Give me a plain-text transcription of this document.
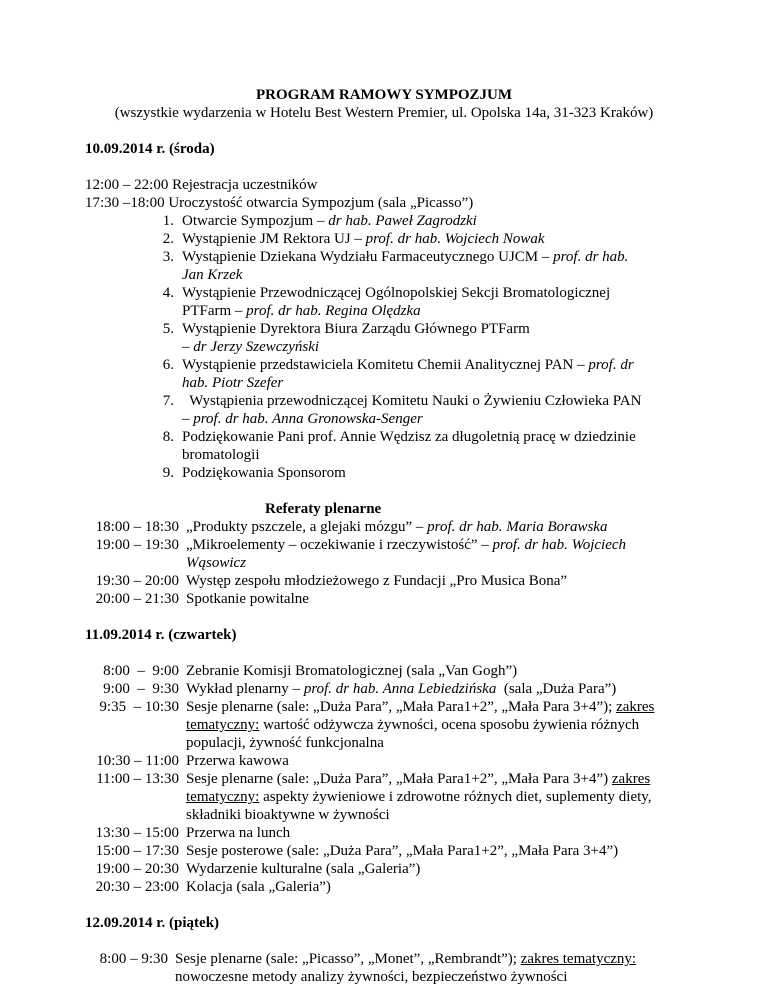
PROGRAM RAMOWY SYMPOZJUM
(wszystkie wydarzenia w Hotelu Best Western Premier, ul. Opolska 14a, 31-323 Kraków)
10.09.2014 r. (środa)
12:00 – 22:00 Rejestracja uczestników
17:30 –18:00 Uroczystość otwarcia Sympozjum (sala „Picasso”)
1. Otwarcie Sympozjum – dr hab. Paweł Zagrodzki
2. Wystąpienie JM Rektora UJ – prof. dr hab. Wojciech Nowak
3. Wystąpienie Dziekana Wydziału Farmaceutycznego UJCM – prof. dr hab.
Jan Krzek
4. Wystąpienie Przewodniczącej Ogólnopolskiej Sekcji Bromatologicznej
PTFarm – prof. dr hab. Regina Olędzka
5. Wystąpienie Dyrektora Biura Zarządu Głównego PTFarm
– dr Jerzy Szewczyński
6. Wystąpienie przedstawiciela Komitetu Chemii Analitycznej PAN – prof. dr
hab. Piotr Szefer
7. Wystąpienia przewodniczącej Komitetu Nauki o Żywieniu Człowieka PAN
– prof. dr hab. Anna Gronowska-Senger
8. Podziękowanie Pani prof. Annie Wędzisz za długoletnią pracę w dziedzinie
bromatologii
9. Podziękowania Sponsorom
Referaty plenarne
18:00 – 18:30 „Produkty pszczele, a glejaki mózgu” – prof. dr hab. Maria Borawska
19:00 – 19:30 „Mikroelementy – oczekiwanie i rzeczywistość” – prof. dr hab. Wojciech
Wąsowicz
19:30 – 20:00 Występ zespołu młodzieżowego z Fundacji „Pro Musica Bona”
20:00 – 21:30 Spotkanie powitalne
11.09.2014 r. (czwartek)
8:00  –  9:00 Zebranie Komisji Bromatologicznej (sala „Van Gogh”)
9:00  –  9:30 Wykład plenarny – prof. dr hab. Anna Lebiedzińska  (sala „Duża Para”)
9:35  – 10:30 Sesje plenarne (sale: „Duża Para”, „Mała Para1+2”, „Mała Para 3+4”); zakres
tematyczny: wartość odżywcza żywności, ocena sposobu żywienia różnych
populacji, żywność funkcjonalna
10:30 – 11:00 Przerwa kawowa
11:00 – 13:30 Sesje plenarne (sale: „Duża Para”, „Mała Para1+2”, „Mała Para 3+4”) zakres
tematyczny: aspekty żywieniowe i zdrowotne różnych diet, suplementy diety,
składniki bioaktywne w żywności
13:30 – 15:00 Przerwa na lunch
15:00 – 17:30 Sesje posterowe (sale: „Duża Para”, „Mała Para1+2”, „Mała Para 3+4”)
19:00 – 20:30 Wydarzenie kulturalne (sala „Galeria”)
20:30 – 23:00 Kolacja (sala „Galeria”)
12.09.2014 r. (piątek)
8:00 – 9:30 Sesje plenarne (sale: „Picasso”, „Monet”, „Rembrandt”); zakres tematyczny:
nowoczesne metody analizy żywności, bezpieczeństwo żywności
